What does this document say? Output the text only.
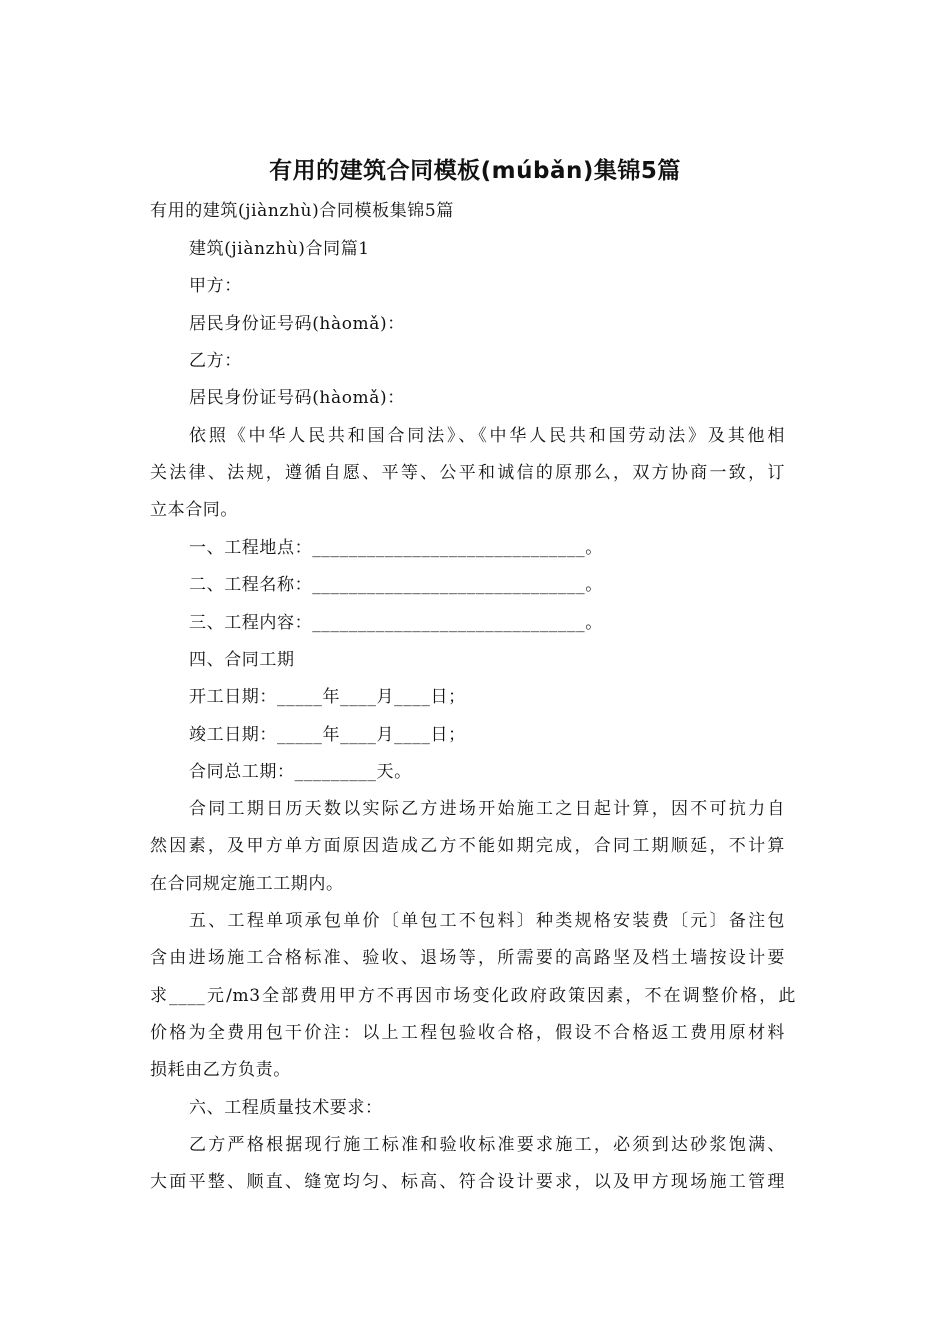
有用的建筑合同模板(múbǎn)集锦5篇
有用的建筑(jiànzhù)合同模板集锦5篇
建筑(jiànzhù)合同篇1
甲方：
居民身份证号码(hàomǎ)：
乙方：
居民身份证号码(hàomǎ)：
依照《中华人民共和国合同法》、《中华人民共和国劳动法》及其他相
关法律、法规，遵循自愿、平等、公平和诚信的原那么，双方协商一致，订
立本合同。
一、工程地点：______________________________。
二、工程名称：______________________________。
三、工程内容：______________________________。
四、合同工期
开工日期：_____年____月____日；
竣工日期：_____年____月____日；
合同总工期：_________天。
合同工期日历天数以实际乙方进场开始施工之日起计算，因不可抗力自
然因素，及甲方单方面原因造成乙方不能如期完成，合同工期顺延，不计算
在合同规定施工工期内。
五、工程单项承包单价〔单包工不包料〕种类规格安装费〔元〕备注包
含由进场施工合格标准、验收、退场等，所需要的高路坚及档土墙按设计要
求____元/m3全部费用甲方不再因市场变化政府政策因素，不在调整价格，此
价格为全费用包干价注：以上工程包验收合格，假设不合格返工费用原材料
损耗由乙方负责。
六、工程质量技术要求：
乙方严格根据现行施工标准和验收标准要求施工，必须到达砂浆饱满、
大面平整、顺直、缝宽均匀、标高、符合设计要求，以及甲方现场施工管理
